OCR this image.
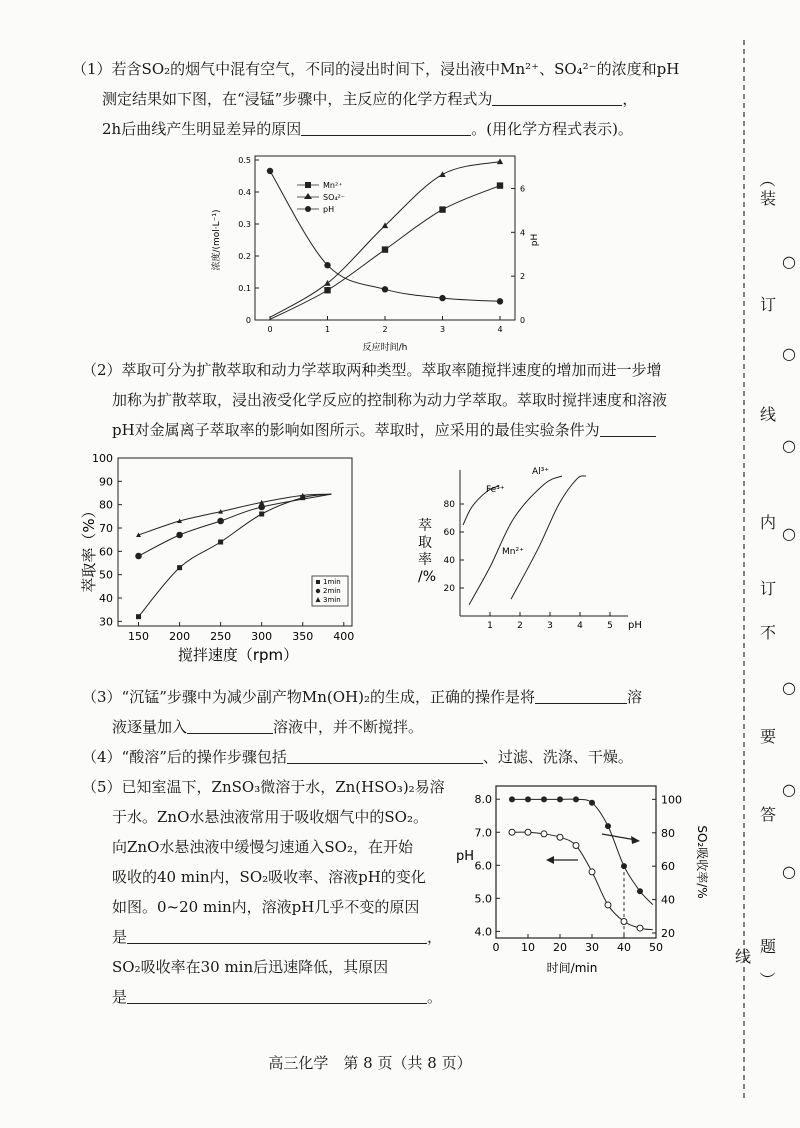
（1）若含SO₂的烟气中混有空气，不同的浸出时间下，浸出液中Mn²⁺、SO₄²⁻的浓度和pH
测定结果如下图，在“浸锰”步骤中，主反应的化学方程式为	，
2h后曲线产生明显差异的原因	。(用化学方程式表示)。
0	1	2	3	4
0
0.1
0.2
0.3
0.4
0.5
0
2
4
6
Mn²⁺
SO₄²⁻
pH
浓度/(mol·L⁻¹)	pH
反应时间/h
（2）萃取可分为扩散萃取和动力学萃取两种类型。萃取率随搅拌速度的增加而进一步增
加称为扩散萃取，浸出液受化学反应的控制称为动力学萃取。萃取时搅拌速度和溶液
pH对金属离子萃取率的影响如图所示。萃取时，应采用的最佳实验条件为
150 200 250 300 350 400
30
40
50
60
70
80
90
100
1min
2min
3min
萃取率（%）
搅拌速度（rpm）
1	2	3	4	5
20
40
60
80
Fe³⁺
Mn²⁺
Al³⁺
萃取率/%
pH
（3）“沉锰”步骤中为减少副产物Mn(OH)₂的生成，正确的操作是将	溶
液逐量加入	溶液中，并不断搅拌。
（4）“酸溶”后的操作步骤包括	、过滤、洗涤、干燥。
（5）已知室温下，ZnSO₃微溶于水，Zn(HSO₃)₂易溶
于水。ZnO水悬浊液常用于吸收烟气中的SO₂。
向ZnO水悬浊液中缓慢匀速通入SO₂，在开始
吸收的40 min内，SO₂吸收率、溶液pH的变化
如图。0~20 min内，溶液pH几乎不变的原因
是	，
SO₂吸收率在30 min后迅速降低，其原因
是	。
0 10 20 30 40 50
4.0
5.0
6.0
7.0
8.0
20
40
60
80
100
pH	SO₂吸收率/%
时间/min
高三化学　第 8 页（共 8 页）
（
装
○
订
○
线
○
内
○
订
不
○
要
○
答
○
线
题
）
